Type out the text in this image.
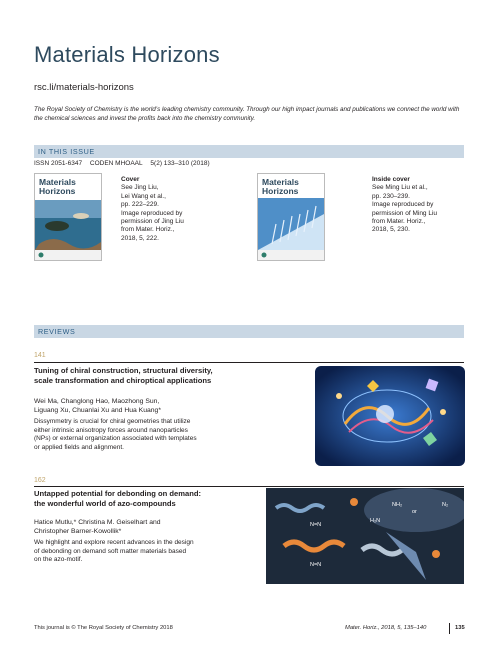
Materials Horizons
rsc.li/materials-horizons
The Royal Society of Chemistry is the world’s leading chemistry community. Through our high impact journals and publications we connect the world with the chemical sciences and invest the profits back into the chemistry community.
IN THIS ISSUE
ISSN 2051-6347 CODEN MHOAAL 5(2) 133–310 (2018)
Materials
Horizons
Cover
See Jing Liu,
Lei Wang et al.,
pp. 222–229.
Image reproduced by
permission of Jing Liu
from Mater. Horiz.,
2018, 5, 222.
Materials
Horizons
Inside cover
See Ming Liu et al.,
pp. 230–239.
Image reproduced by
permission of Ming Liu
from Mater. Horiz.,
2018, 5, 230.
REVIEWS
141
Tuning of chiral construction, structural diversity,
scale transformation and chiroptical applications
Wei Ma, Changlong Hao, Maozhong Sun,
Liguang Xu, Chuanlai Xu and Hua Kuang*
Dissymmetry is crucial for chiral geometries that utilize
either intrinsic anisotropy forces around nanoparticles
(NPs) or external organization associated with templates
or applied fields and alignment.
162
Untapped potential for debonding on demand:
the wonderful world of azo-compounds
Hatice Mutlu,* Christina M. Geiselhart and
Christopher Barner-Kowollik*
We highlight and explore recent advances in the design
of debonding on demand soft matter materials based
on the azo-motif.
NH₂
or
N₂
H₂N
N=N
N=N
This journal is © The Royal Society of Chemistry 2018	Mater. Horiz., 2018, 5, 135–140	135
